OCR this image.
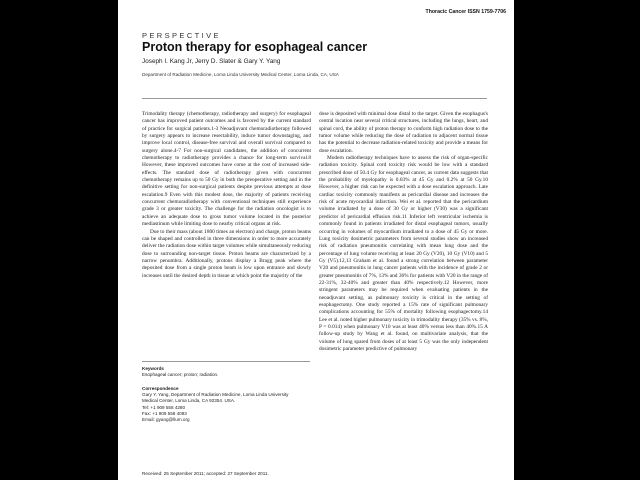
Thoracic Cancer ISSN 1759-7706
PERSPECTIVE
Proton therapy for esophageal cancer
Joseph I. Kang Jr, Jerry D. Slater & Gary Y. Yang
Department of Radiation Medicine, Loma Linda University Medical Center, Loma Linda, CA, USA

Trimodality therapy (chemotherapy, radiotherapy and surgery) for esophageal cancer has improved patient outcomes and is favored by the current standard of practice for surgical patients.1-3 Neoadjuvant chemoradiotherapy followed by surgery appears to increase resectability, induce tumor downstaging, and improve local control, disease-free survival and overall survival compared to surgery alone.4-7 For non-surgical candidates, the addition of concurrent chemotherapy to radiotherapy provides a chance for long-term survival.8 However, these improved outcomes have come at the cost of increased side-effects. The standard dose of radiotherapy given with concurrent chemotherapy remains up to 50 Gy in both the preoperative setting and in the definitive setting for non-surgical patients despite previous attempts at dose escalation.9 Even with this modest dose, the majority of patients receiving concurrent chemoradiotherapy with conventional techniques still experience grade 3 or greater toxicity. The challenge for the radiation oncologist is to achieve an adequate dose to gross tumor volume located in the posterior mediastinum while limiting dose to nearby critical organs at risk.

Due to their mass (about 1800 times an electron) and charge, proton beams can be shaped and controlled in three dimensions in order to more accurately deliver the radiation dose within target volumes while simultaneously reducing dose to surrounding non-target tissue. Proton beams are characterized by a narrow penumbra. Additionally, protons display a Bragg peak where the deposited dose from a single proton beam is low upon entrance and slowly increases until the desired depth in tissue at which point the majority of the

dose is deposited with minimal dose distal to the target. Given the esophagus's central location near several critical structures, including the lungs, heart, and spinal cord, the ability of proton therapy to conform high radiation dose to the tumor volume while reducing the dose of radiation to adjacent normal tissue has the potential to decrease radiation-related toxicity and provide a means for dose escalation.

Modern radiotherapy techniques have to assess the risk of organ-specific radiation toxicity. Spinal cord toxicity risk would be low with a standard prescribed dose of 50.4 Gy for esophageal cancer, as current data suggests that the probability of myelopathy is 0.03% at 45 Gy and 0.2% at 50 Gy.10 However, a higher risk can be expected with a dose escalation approach. Late cardiac toxicity commonly manifests as pericardial disease and increases the risk of acute myocardial infarction. Wei et al. reported that the pericardium volume irradiated by a dose of 30 Gy or higher (V30) was a significant predictor of pericardial effusion risk.11 Inferior left ventricular ischemia is commonly found in patients irradiated for distal esophageal tumors, usually occurring in volumes of myocardium irradiated to a dose of 45 Gy or more. Lung toxicity dosimetric parameters from several studies show an increased risk of radiation pneumonitis correlating with mean lung dose and the percentage of lung volume receiving at least 20 Gy (V20), 10 Gy (V10) and 5 Gy (V5).12,13 Graham et al. found a strong correlation between parameter V20 and pneumonitis in lung cancer patients with the incidence of grade 2 or greater pneumonitis of 7%, 13% and 36% for patients with V20 in the range of 22-31%, 32-40% and greater than 40% respectively.12 However, more stringent parameters may be required when evaluating patients in the neoadjuvant setting, as pulmonary toxicity is critical in the setting of esophagectomy. One study reported a 15% rate of significant pulmonary complications accounting for 55% of mortality following esophagectomy.14 Lee et al. noted higher pulmonary toxicity in trimodality therapy (35% vs. 8%, P = 0.014) when pulmonary V10 was at least 40% versus less than 40%.15 A follow-up study by Wang et al. found, on multivariate analysis, that the volume of lung spared from doses of at least 5 Gy was the only independent dosimetric parameter predictive of pulmonary

Keywords
Esophageal cancer; proton; radiation.
Correspondence
Gary Y. Yang, Department of Radiation Medicine, Loma Linda University
Medical Center, Loma Linda, CA 92354. USA.
Tel: +1 909 558 4280
Fax: +1 909 558 4083
Email: gyang@llum.org
Received: 25 September 2011; accepted: 27 September 2011.
